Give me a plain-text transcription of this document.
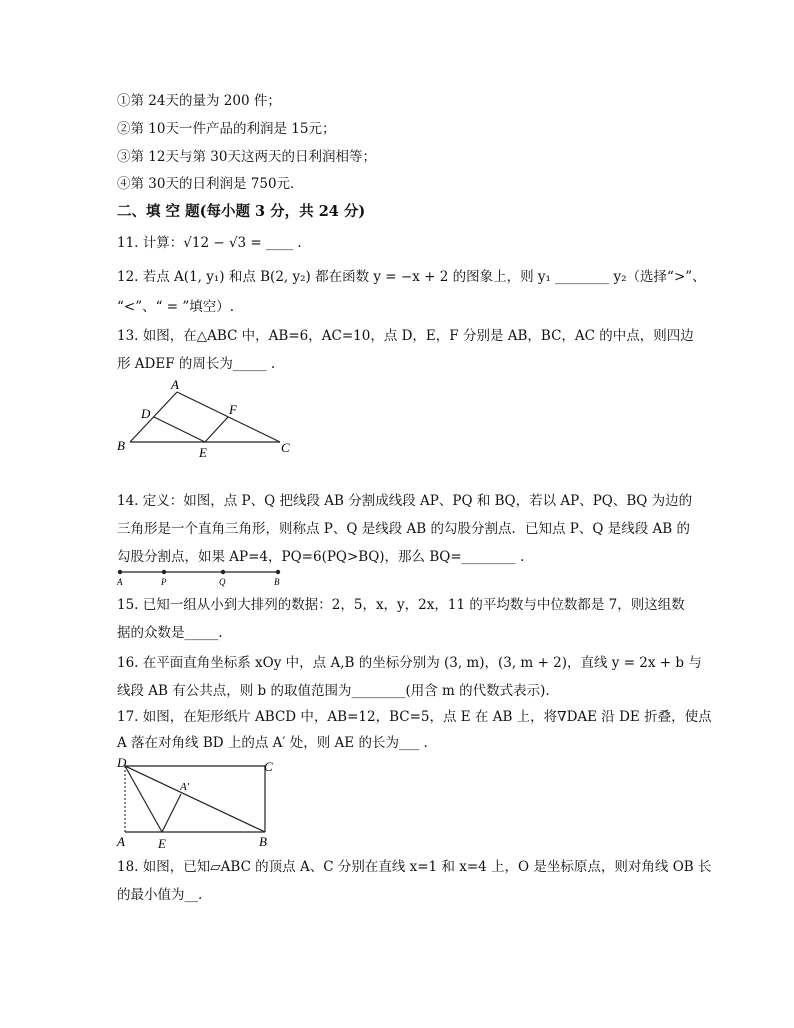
①第 24天的量为 200 件；
②第 10天一件产品的利润是 15元；
③第 12天与第 30天这两天的日利润相等；
④第 30天的日利润是 750元．
二、填 空 题(每小题 3 分，共 24 分)
11. 计算：√12 − √3 = ____ .
12. 若点 A(1, y₁) 和点 B(2, y₂) 都在函数 y = −x + 2 的图象上，则 y₁ ________ y₂（选择“>”、
“<”、“ = ”填空）.
13. 如图，在△ABC 中，AB=6，AC=10，点 D，E，F 分别是 AB，BC，AC 的中点，则四边
形 ADEF 的周长为_____ .
A
B	C
D
E
F
14. 定义：如图，点 P、Q 把线段 AB 分割成线段 AP、PQ 和 BQ，若以 AP、PQ、BQ 为边的
三角形是一个直角三角形，则称点 P、Q 是线段 AB 的勾股分割点．已知点 P、Q 是线段 AB 的
勾股分割点，如果 AP=4，PQ=6(PQ>BQ)，那么 BQ=________ .
A	P	Q	B
15. 已知一组从小到大排列的数据：2，5，x，y，2x，11 的平均数与中位数都是 7，则这组数
据的众数是_____.
16. 在平面直角坐标系 xOy 中，点 A,B 的坐标分别为 (3, m)，(3, m + 2)，直线 y = 2x + b 与
线段 AB 有公共点，则 b 的取值范围为________(用含 m 的代数式表示).
17. 如图，在矩形纸片 ABCD 中，AB=12，BC=5，点 E 在 AB 上，将∇DAE 沿 DE 折叠，使点
A 落在对角线 BD 上的点 A′ 处，则 AE 的长为___ .
D	C
A′
A	E	B
18. 如图，已知▱ABC 的顶点 A、C 分别在直线 x=1 和 x=4 上，O 是坐标原点，则对角线 OB 长
的最小值为__.
